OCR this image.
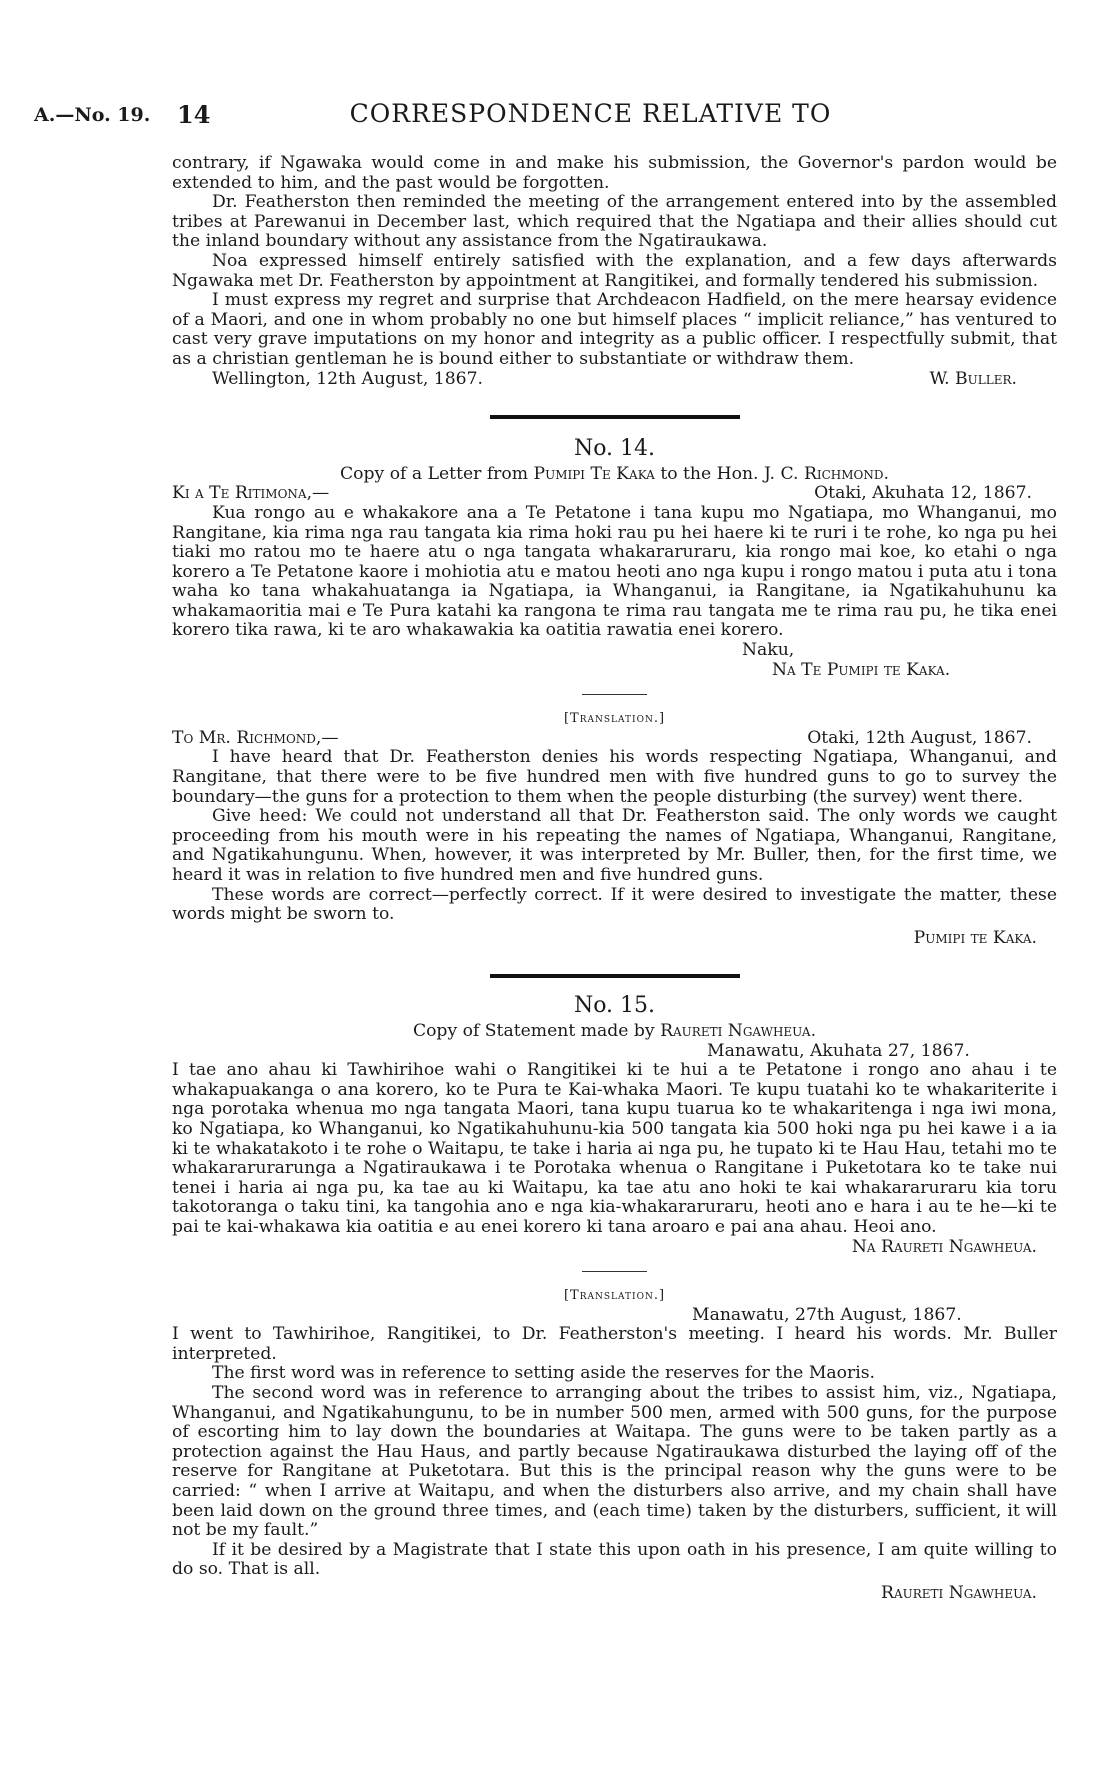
A.—No. 19. 14	CORRESPONDENCE RELATIVE TO

contrary, if Ngawaka would come in and make his submission, the Governor's pardon would be extended to him, and the past would be forgotten.

Dr. Featherston then reminded the meeting of the arrangement entered into by the assembled tribes at Parewanui in December last, which required that the Ngatiapa and their allies should cut the inland boundary without any assistance from the Ngatiraukawa.

Noa expressed himself entirely satisfied with the explanation, and a few days afterwards Ngawaka met Dr. Featherston by appointment at Rangitikei, and formally tendered his submission.

I must express my regret and surprise that Archdeacon Hadfield, on the mere hearsay evidence of a Maori, and one in whom probably no one but himself places “ implicit reliance,” has ventured to cast very grave imputations on my honor and integrity as a public officer. I respectfully submit, that as a christian gentleman he is bound either to substantiate or withdraw them.

Wellington, 12th August, 1867.	W. Buller.
No. 14.
Copy of a Letter from Pumipi Te Kaka to the Hon. J. C. Richmond.
Ki a Te Ritimona,—	Otaki, Akuhata 12, 1867.

Kua rongo au e whakakore ana a Te Petatone i tana kupu mo Ngatiapa, mo Whanganui, mo Rangitane, kia rima nga rau tangata kia rima hoki rau pu hei haere ki te ruri i te rohe, ko nga pu hei tiaki mo ratou mo te haere atu o nga tangata whakararuraru, kia rongo mai koe, ko etahi o nga korero a Te Petatone kaore i mohiotia atu e matou heoti ano nga kupu i rongo matou i puta atu i tona waha ko tana whakahuatanga ia Ngatiapa, ia Whanganui, ia Rangitane, ia Ngatikahuhunu ka whakamaoritia mai e Te Pura katahi ka rangona te rima rau tangata me te rima rau pu, he tika enei korero tika rawa, ki te aro whakawakia ka oatitia rawatia enei korero.

Naku,
Na Te Pumipi te Kaka.
[Translation.]
To Mr. Richmond,—	Otaki, 12th August, 1867.

I have heard that Dr. Featherston denies his words respecting Ngatiapa, Whanganui, and Rangitane, that there were to be five hundred men with five hundred guns to go to survey the boundary—the guns for a protection to them when the people disturbing (the survey) went there.

Give heed: We could not understand all that Dr. Featherston said. The only words we caught proceeding from his mouth were in his repeating the names of Ngatiapa, Whanganui, Rangitane, and Ngatikahungunu. When, however, it was interpreted by Mr. Buller, then, for the first time, we heard it was in relation to five hundred men and five hundred guns.

These words are correct—perfectly correct. If it were desired to investigate the matter, these words might be sworn to.

Pumipi te Kaka.
No. 15.
Copy of Statement made by Raureti Ngawheua.
Manawatu, Akuhata 27, 1867.

I tae ano ahau ki Tawhirihoe wahi o Rangitikei ki te hui a te Petatone i rongo ano ahau i te whakapuakanga o ana korero, ko te Pura te Kai-whaka Maori. Te kupu tuatahi ko te whakariterite i nga porotaka whenua mo nga tangata Maori, tana kupu tuarua ko te whakaritenga i nga iwi mona, ko Ngatiapa, ko Whanganui, ko Ngatikahuhunu-kia 500 tangata kia 500 hoki nga pu hei kawe i a ia ki te whakatakoto i te rohe o Waitapu, te take i haria ai nga pu, he tupato ki te Hau Hau, tetahi mo te whakararurarunga a Ngatiraukawa i te Porotaka whenua o Rangitane i Puketotara ko te take nui tenei i haria ai nga pu, ka tae au ki Waitapu, ka tae atu ano hoki te kai whakararuraru kia toru takotoranga o taku tini, ka tangohia ano e nga kia-whakararuraru, heoti ano e hara i au te he—ki te pai te kai-whakawa kia oatitia e au enei korero ki tana aroaro e pai ana ahau. Heoi ano.

Na Raureti Ngawheua.
[Translation.]
Manawatu, 27th August, 1867.

I went to Tawhirihoe, Rangitikei, to Dr. Featherston's meeting. I heard his words. Mr. Buller interpreted.

The first word was in reference to setting aside the reserves for the Maoris.

The second word was in reference to arranging about the tribes to assist him, viz., Ngatiapa, Whanganui, and Ngatikahungunu, to be in number 500 men, armed with 500 guns, for the purpose of escorting him to lay down the boundaries at Waitapa. The guns were to be taken partly as a protection against the Hau Haus, and partly because Ngatiraukawa disturbed the laying off of the reserve for Rangitane at Puketotara. But this is the principal reason why the guns were to be carried: “ when I arrive at Waitapu, and when the disturbers also arrive, and my chain shall have been laid down on the ground three times, and (each time) taken by the disturbers, sufficient, it will not be my fault.”

If it be desired by a Magistrate that I state this upon oath in his presence, I am quite willing to do so. That is all.

Raureti Ngawheua.
